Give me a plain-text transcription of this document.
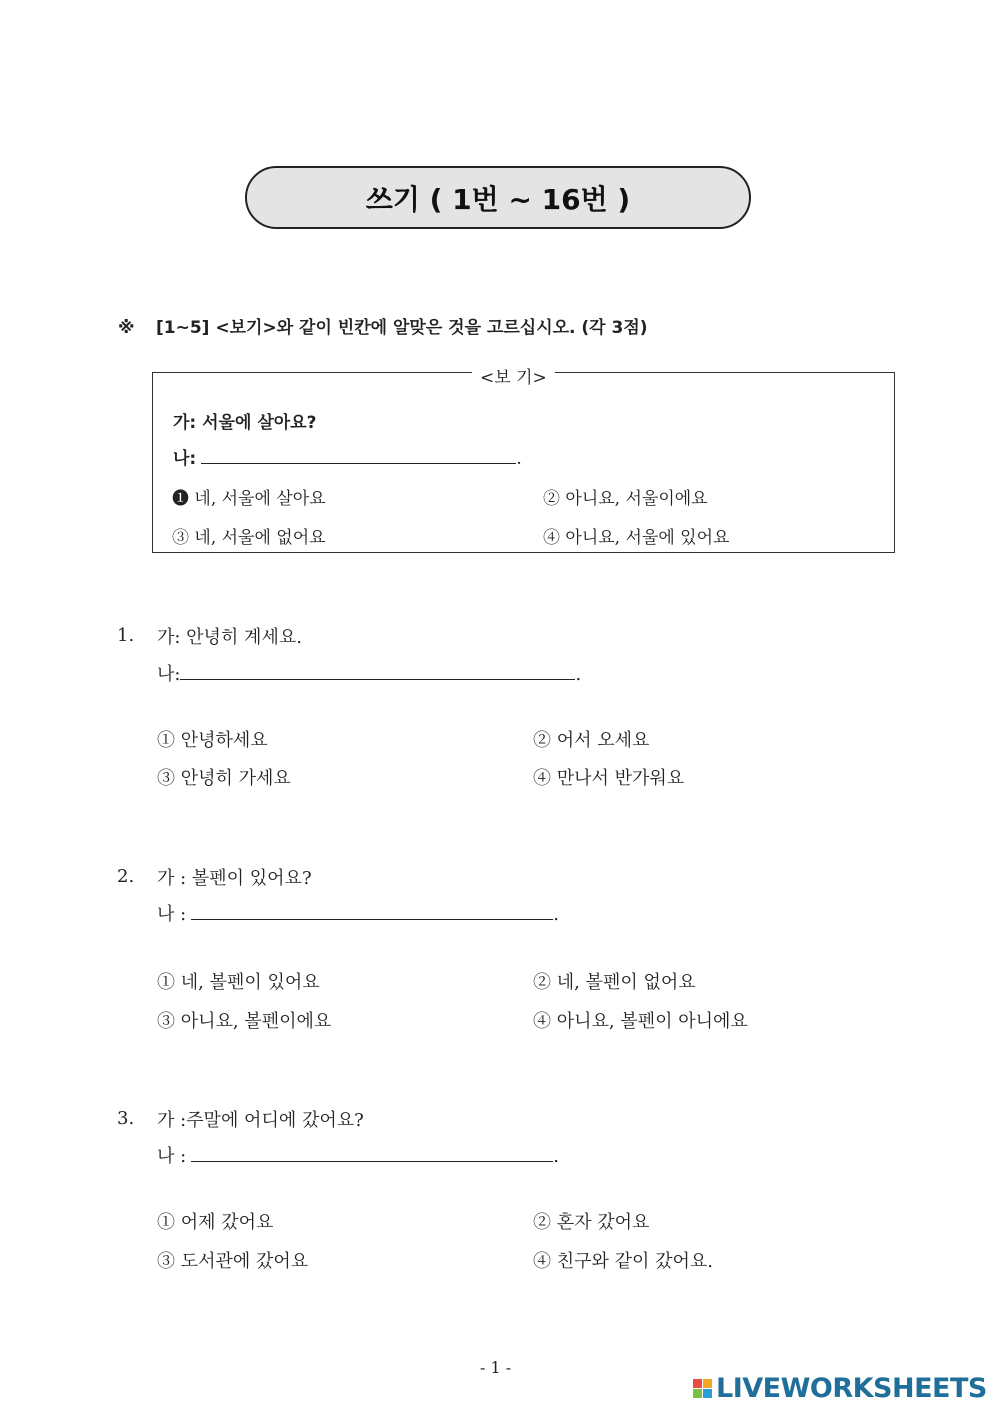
쓰기 ( 1번 ~ 16번 )
※ [1~5] <보기>와 같이 빈칸에 알맞은 것을 고르십시오. (각 3점)
<보 기>
가: 서울에 살아요?
나:	.
❶ 네, 서울에 살아요	② 아니요, 서울이에요
③ 네, 서울에 없어요	④ 아니요, 서울에 있어요
1. 가: 안녕히 계세요.
나:	.
① 안녕하세요	② 어서 오세요
③ 안녕히 가세요	④ 만나서 반가워요
2. 가 : 볼펜이 있어요?
나 :	.
① 네, 볼펜이 있어요	② 네, 볼펜이 없어요
③ 아니요, 볼펜이에요	④ 아니요, 볼펜이 아니에요
3. 가 :주말에 어디에 갔어요?
나 :	.
① 어제 갔어요	② 혼자 갔어요
③ 도서관에 갔어요	④ 친구와 같이 갔어요.
- 1 -
LIVEWORKSHEETS
